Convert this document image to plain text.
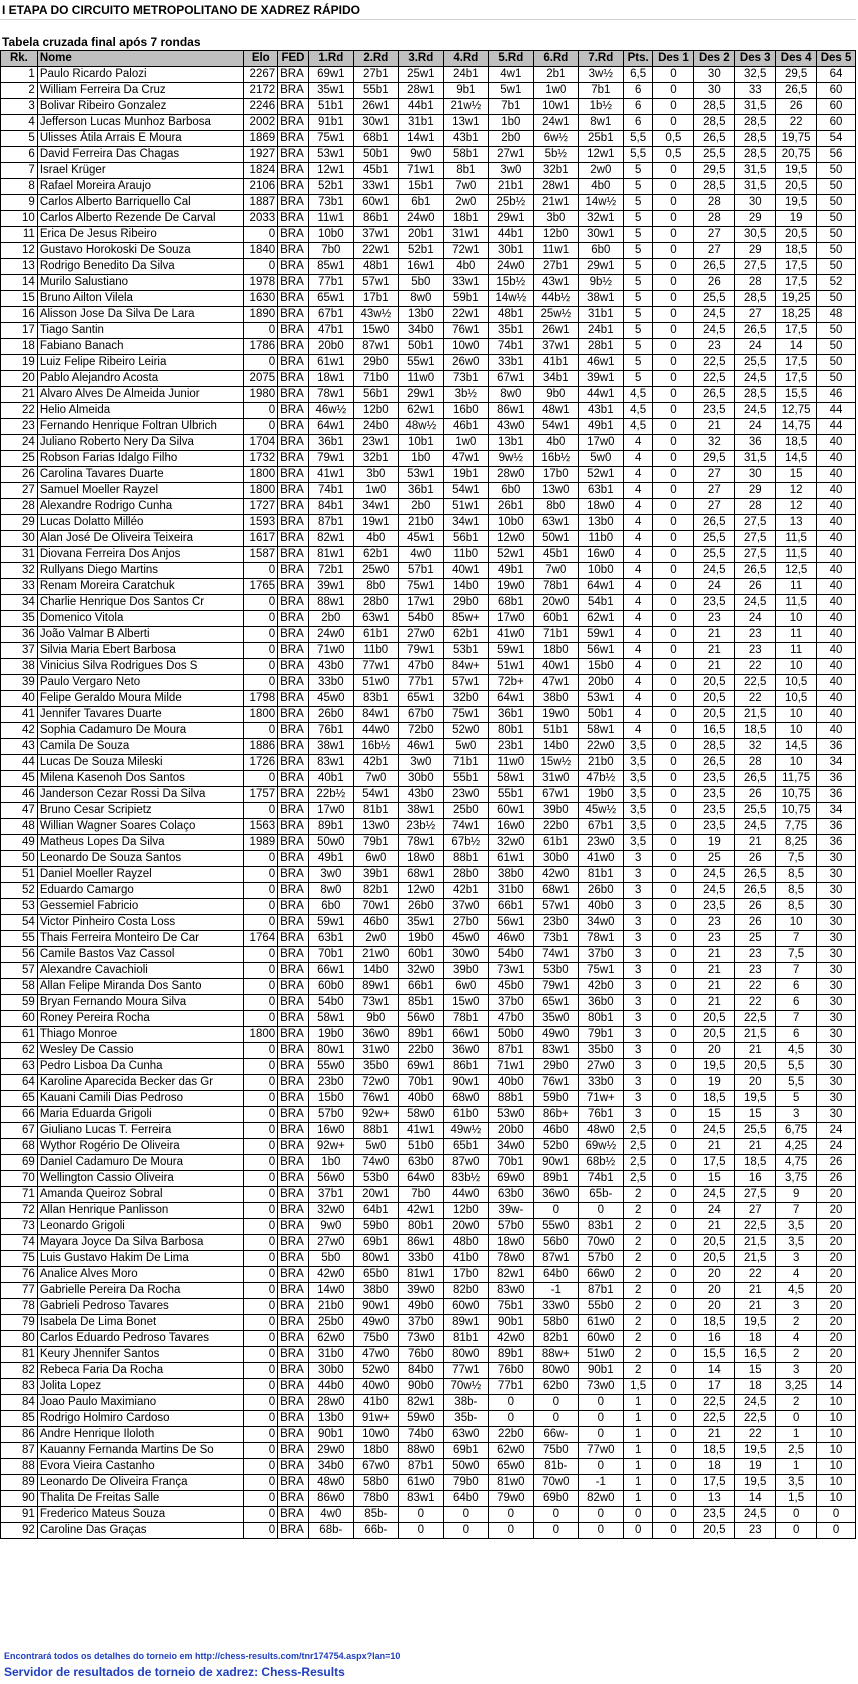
I ETAPA DO CIRCUITO METROPOLITANO DE XADREZ RÁPIDO
Tabela cruzada final após 7 rondas
Rk.	Nome	Elo	FED	1.Rd	2.Rd	3.Rd	4.Rd	5.Rd	6.Rd	7.Rd	Pts.	Des 1	Des 2	Des 3	Des 4	Des 5
1	Paulo Ricardo Palozi	2267	BRA	69w1	27b1	25w1	24b1	4w1	2b1	3w½	6,5	0	30	32,5	29,5	64
2	William Ferreira Da Cruz	2172	BRA	35w1	55b1	28w1	9b1	5w1	1w0	7b1	6	0	30	33	26,5	60
3	Bolivar Ribeiro Gonzalez	2246	BRA	51b1	26w1	44b1	21w½	7b1	10w1	1b½	6	0	28,5	31,5	26	60
4	Jefferson Lucas Munhoz Barbosa	2002	BRA	91b1	30w1	31b1	13w1	1b0	24w1	8w1	6	0	28,5	28,5	22	60
5	Ulisses Átila Arrais E Moura	1869	BRA	75w1	68b1	14w1	43b1	2b0	6w½	25b1	5,5	0,5	26,5	28,5	19,75	54
6	David Ferreira Das Chagas	1927	BRA	53w1	50b1	9w0	58b1	27w1	5b½	12w1	5,5	0,5	25,5	28,5	20,75	56
7	Israel Krüger	1824	BRA	12w1	45b1	71w1	8b1	3w0	32b1	2w0	5	0	29,5	31,5	19,5	50
8	Rafael Moreira Araujo	2106	BRA	52b1	33w1	15b1	7w0	21b1	28w1	4b0	5	0	28,5	31,5	20,5	50
9	Carlos Alberto Barriquello Cal	1887	BRA	73b1	60w1	6b1	2w0	25b½	21w1	14w½	5	0	28	30	19,5	50
10	Carlos Alberto Rezende De Carval	2033	BRA	11w1	86b1	24w0	18b1	29w1	3b0	32w1	5	0	28	29	19	50
11	Erica De Jesus Ribeiro	0	BRA	10b0	37w1	20b1	31w1	44b1	12b0	30w1	5	0	27	30,5	20,5	50
12	Gustavo Horokoski De Souza	1840	BRA	7b0	22w1	52b1	72w1	30b1	11w1	6b0	5	0	27	29	18,5	50
13	Rodrigo Benedito Da Silva	0	BRA	85w1	48b1	16w1	4b0	24w0	27b1	29w1	5	0	26,5	27,5	17,5	50
14	Murilo Salustiano	1978	BRA	77b1	57w1	5b0	33w1	15b½	43w1	9b½	5	0	26	28	17,5	52
15	Bruno Ailton Vilela	1630	BRA	65w1	17b1	8w0	59b1	14w½	44b½	38w1	5	0	25,5	28,5	19,25	50
16	Alisson Jose Da Silva De Lara	1890	BRA	67b1	43w½	13b0	22w1	48b1	25w½	31b1	5	0	24,5	27	18,25	48
17	Tiago Santin	0	BRA	47b1	15w0	34b0	76w1	35b1	26w1	24b1	5	0	24,5	26,5	17,5	50
18	Fabiano Banach	1786	BRA	20b0	87w1	50b1	10w0	74b1	37w1	28b1	5	0	23	24	14	50
19	Luiz Felipe Ribeiro Leiria	0	BRA	61w1	29b0	55w1	26w0	33b1	41b1	46w1	5	0	22,5	25,5	17,5	50
20	Pablo Alejandro Acosta	2075	BRA	18w1	71b0	11w0	73b1	67w1	34b1	39w1	5	0	22,5	24,5	17,5	50
21	Alvaro Alves De Almeida Junior	1980	BRA	78w1	56b1	29w1	3b½	8w0	9b0	44w1	4,5	0	26,5	28,5	15,5	46
22	Helio Almeida	0	BRA	46w½	12b0	62w1	16b0	86w1	48w1	43b1	4,5	0	23,5	24,5	12,75	44
23	Fernando Henrique Foltran Ulbrich	0	BRA	64w1	24b0	48w½	46b1	43w0	54w1	49b1	4,5	0	21	24	14,75	44
24	Juliano Roberto Nery Da Silva	1704	BRA	36b1	23w1	10b1	1w0	13b1	4b0	17w0	4	0	32	36	18,5	40
25	Robson Farias Idalgo Filho	1732	BRA	79w1	32b1	1b0	47w1	9w½	16b½	5w0	4	0	29,5	31,5	14,5	40
26	Carolina Tavares Duarte	1800	BRA	41w1	3b0	53w1	19b1	28w0	17b0	52w1	4	0	27	30	15	40
27	Samuel Moeller Rayzel	1800	BRA	74b1	1w0	36b1	54w1	6b0	13w0	63b1	4	0	27	29	12	40
28	Alexandre Rodrigo Cunha	1727	BRA	84b1	34w1	2b0	51w1	26b1	8b0	18w0	4	0	27	28	12	40
29	Lucas Dolatto Milléo	1593	BRA	87b1	19w1	21b0	34w1	10b0	63w1	13b0	4	0	26,5	27,5	13	40
30	Alan José De Oliveira Teixeira	1617	BRA	82w1	4b0	45w1	56b1	12w0	50w1	11b0	4	0	25,5	27,5	11,5	40
31	Diovana Ferreira Dos Anjos	1587	BRA	81w1	62b1	4w0	11b0	52w1	45b1	16w0	4	0	25,5	27,5	11,5	40
32	Rullyans Diego Martins	0	BRA	72b1	25w0	57b1	40w1	49b1	7w0	10b0	4	0	24,5	26,5	12,5	40
33	Renam Moreira Caratchuk	1765	BRA	39w1	8b0	75w1	14b0	19w0	78b1	64w1	4	0	24	26	11	40
34	Charlie Henrique Dos Santos Cr	0	BRA	88w1	28b0	17w1	29b0	68b1	20w0	54b1	4	0	23,5	24,5	11,5	40
35	Domenico Vitola	0	BRA	2b0	63w1	54b0	85w+	17w0	60b1	62w1	4	0	23	24	10	40
36	João Valmar B Alberti	0	BRA	24w0	61b1	27w0	62b1	41w0	71b1	59w1	4	0	21	23	11	40
37	Silvia Maria Ebert Barbosa	0	BRA	71w0	11b0	79w1	53b1	59w1	18b0	56w1	4	0	21	23	11	40
38	Vinicius Silva Rodrigues Dos S	0	BRA	43b0	77w1	47b0	84w+	51w1	40w1	15b0	4	0	21	22	10	40
39	Paulo Vergaro Neto	0	BRA	33b0	51w0	77b1	57w1	72b+	47w1	20b0	4	0	20,5	22,5	10,5	40
40	Felipe Geraldo Moura Milde	1798	BRA	45w0	83b1	65w1	32b0	64w1	38b0	53w1	4	0	20,5	22	10,5	40
41	Jennifer Tavares Duarte	1800	BRA	26b0	84w1	67b0	75w1	36b1	19w0	50b1	4	0	20,5	21,5	10	40
42	Sophia Cadamuro De Moura	0	BRA	76b1	44w0	72b0	52w0	80b1	51b1	58w1	4	0	16,5	18,5	10	40
43	Camila De Souza	1886	BRA	38w1	16b½	46w1	5w0	23b1	14b0	22w0	3,5	0	28,5	32	14,5	36
44	Lucas De Souza Mileski	1726	BRA	83w1	42b1	3w0	71b1	11w0	15w½	21b0	3,5	0	26,5	28	10	34
45	Milena Kasenoh Dos Santos	0	BRA	40b1	7w0	30b0	55b1	58w1	31w0	47b½	3,5	0	23,5	26,5	11,75	36
46	Janderson Cezar Rossi Da Silva	1757	BRA	22b½	54w1	43b0	23w0	55b1	67w1	19b0	3,5	0	23,5	26	10,75	36
47	Bruno Cesar Scripietz	0	BRA	17w0	81b1	38w1	25b0	60w1	39b0	45w½	3,5	0	23,5	25,5	10,75	34
48	Willian Wagner Soares Colaço	1563	BRA	89b1	13w0	23b½	74w1	16w0	22b0	67b1	3,5	0	23,5	24,5	7,75	36
49	Matheus Lopes Da Silva	1989	BRA	50w0	79b1	78w1	67b½	32w0	61b1	23w0	3,5	0	19	21	8,25	36
50	Leonardo De Souza Santos	0	BRA	49b1	6w0	18w0	88b1	61w1	30b0	41w0	3	0	25	26	7,5	30
51	Daniel Moeller Rayzel	0	BRA	3w0	39b1	68w1	28b0	38b0	42w0	81b1	3	0	24,5	26,5	8,5	30
52	Eduardo Camargo	0	BRA	8w0	82b1	12w0	42b1	31b0	68w1	26b0	3	0	24,5	26,5	8,5	30
53	Gessemiel Fabricio	0	BRA	6b0	70w1	26b0	37w0	66b1	57w1	40b0	3	0	23,5	26	8,5	30
54	Victor Pinheiro Costa Loss	0	BRA	59w1	46b0	35w1	27b0	56w1	23b0	34w0	3	0	23	26	10	30
55	Thais Ferreira Monteiro De Car	1764	BRA	63b1	2w0	19b0	45w0	46w0	73b1	78w1	3	0	23	25	7	30
56	Camile Bastos Vaz Cassol	0	BRA	70b1	21w0	60b1	30w0	54b0	74w1	37b0	3	0	21	23	7,5	30
57	Alexandre Cavachioli	0	BRA	66w1	14b0	32w0	39b0	73w1	53b0	75w1	3	0	21	23	7	30
58	Allan Felipe Miranda Dos Santo	0	BRA	60b0	89w1	66b1	6w0	45b0	79w1	42b0	3	0	21	22	6	30
59	Bryan Fernando Moura Silva	0	BRA	54b0	73w1	85b1	15w0	37b0	65w1	36b0	3	0	21	22	6	30
60	Roney Pereira Rocha	0	BRA	58w1	9b0	56w0	78b1	47b0	35w0	80b1	3	0	20,5	22,5	7	30
61	Thiago Monroe	1800	BRA	19b0	36w0	89b1	66w1	50b0	49w0	79b1	3	0	20,5	21,5	6	30
62	Wesley De Cassio	0	BRA	80w1	31w0	22b0	36w0	87b1	83w1	35b0	3	0	20	21	4,5	30
63	Pedro Lisboa Da Cunha	0	BRA	55w0	35b0	69w1	86b1	71w1	29b0	27w0	3	0	19,5	20,5	5,5	30
64	Karoline Aparecida Becker das Gr	0	BRA	23b0	72w0	70b1	90w1	40b0	76w1	33b0	3	0	19	20	5,5	30
65	Kauani Camili Dias Pedroso	0	BRA	15b0	76w1	40b0	68w0	88b1	59b0	71w+	3	0	18,5	19,5	5	30
66	Maria Eduarda Grigoli	0	BRA	57b0	92w+	58w0	61b0	53w0	86b+	76b1	3	0	15	15	3	30
67	Giuliano Lucas T. Ferreira	0	BRA	16w0	88b1	41w1	49w½	20b0	46b0	48w0	2,5	0	24,5	25,5	6,75	24
68	Wythor Rogério De Oliveira	0	BRA	92w+	5w0	51b0	65b1	34w0	52b0	69w½	2,5	0	21	21	4,25	24
69	Daniel Cadamuro De Moura	0	BRA	1b0	74w0	63b0	87w0	70b1	90w1	68b½	2,5	0	17,5	18,5	4,75	26
70	Wellington Cassio Oliveira	0	BRA	56w0	53b0	64w0	83b½	69w0	89b1	74b1	2,5	0	15	16	3,75	26
71	Amanda Queiroz Sobral	0	BRA	37b1	20w1	7b0	44w0	63b0	36w0	65b-	2	0	24,5	27,5	9	20
72	Allan Henrique Panlisson	0	BRA	32w0	64b1	42w1	12b0	39w-	0	0	2	0	24	27	7	20
73	Leonardo Grigoli	0	BRA	9w0	59b0	80b1	20w0	57b0	55w0	83b1	2	0	21	22,5	3,5	20
74	Mayara Joyce Da Silva Barbosa	0	BRA	27w0	69b1	86w1	48b0	18w0	56b0	70w0	2	0	20,5	21,5	3,5	20
75	Luis Gustavo Hakim De Lima	0	BRA	5b0	80w1	33b0	41b0	78w0	87w1	57b0	2	0	20,5	21,5	3	20
76	Analice Alves Moro	0	BRA	42w0	65b0	81w1	17b0	82w1	64b0	66w0	2	0	20	22	4	20
77	Gabrielle Pereira Da Rocha	0	BRA	14w0	38b0	39w0	82b0	83w0	-1	87b1	2	0	20	21	4,5	20
78	Gabrieli Pedroso Tavares	0	BRA	21b0	90w1	49b0	60w0	75b1	33w0	55b0	2	0	20	21	3	20
79	Isabela De Lima Bonet	0	BRA	25b0	49w0	37b0	89w1	90b1	58b0	61w0	2	0	18,5	19,5	2	20
80	Carlos Eduardo Pedroso Tavares	0	BRA	62w0	75b0	73w0	81b1	42w0	82b1	60w0	2	0	16	18	4	20
81	Keury Jhennifer Santos	0	BRA	31b0	47w0	76b0	80w0	89b1	88w+	51w0	2	0	15,5	16,5	2	20
82	Rebeca Faria Da Rocha	0	BRA	30b0	52w0	84b0	77w1	76b0	80w0	90b1	2	0	14	15	3	20
83	Jolita Lopez	0	BRA	44b0	40w0	90b0	70w½	77b1	62b0	73w0	1,5	0	17	18	3,25	14
84	Joao Paulo Maximiano	0	BRA	28w0	41b0	82w1	38b-	0	0	0	1	0	22,5	24,5	2	10
85	Rodrigo Holmiro Cardoso	0	BRA	13b0	91w+	59w0	35b-	0	0	0	1	0	22,5	22,5	0	10
86	Andre Henrique Iloloth	0	BRA	90b1	10w0	74b0	63w0	22b0	66w-	0	1	0	21	22	1	10
87	Kauanny Fernanda Martins De So	0	BRA	29w0	18b0	88w0	69b1	62w0	75b0	77w0	1	0	18,5	19,5	2,5	10
88	Evora Vieira Castanho	0	BRA	34b0	67w0	87b1	50w0	65w0	81b-	0	1	0	18	19	1	10
89	Leonardo De Oliveira França	0	BRA	48w0	58b0	61w0	79b0	81w0	70w0	-1	1	0	17,5	19,5	3,5	10
90	Thalita De Freitas Salle	0	BRA	86w0	78b0	83w1	64b0	79w0	69b0	82w0	1	0	13	14	1,5	10
91	Frederico Mateus Souza	0	BRA	4w0	85b-	0	0	0	0	0	0	0	23,5	24,5	0	0
92	Caroline Das Graças	0	BRA	68b-	66b-	0	0	0	0	0	0	0	20,5	23	0	0
Encontrará todos os detalhes do torneio em http://chess-results.com/tnr174754.aspx?lan=10
Servidor de resultados de torneio de xadrez: Chess-Results
